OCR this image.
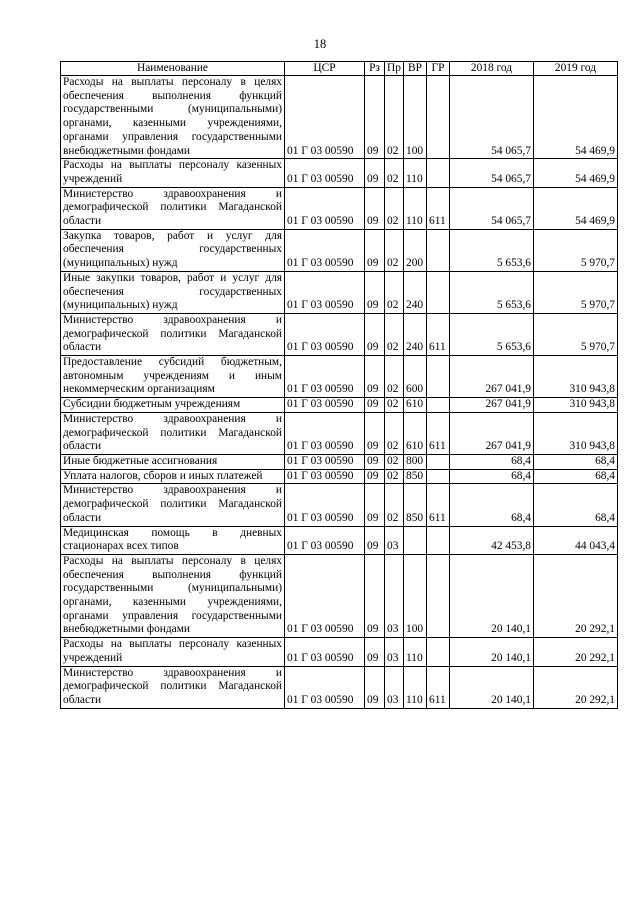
18
Наименование	ЦСР	Рз	Пр	ВР	ГР	2018 год	2019 год
Расходы на выплаты персоналу в целях обеспечения выполнения функций государственными (муниципальными) органами, казенными учреждениями, органами управления государственными внебюджетными фондами	01 Г 03 00590	09	02	100		54 065,7	54 469,9
Расходы на выплаты персоналу казенных учреждений	01 Г 03 00590	09	02	110		54 065,7	54 469,9
Министерство здравоохранения и демографической политики Магаданской области	01 Г 03 00590	09	02	110	611	54 065,7	54 469,9
Закупка товаров, работ и услуг для обеспечения государственных (муниципальных) нужд	01 Г 03 00590	09	02	200		5 653,6	5 970,7
Иные закупки товаров, работ и услуг для обеспечения государственных (муниципальных) нужд	01 Г 03 00590	09	02	240		5 653,6	5 970,7
Министерство здравоохранения и демографической политики Магаданской области	01 Г 03 00590	09	02	240	611	5 653,6	5 970,7
Предоставление субсидий бюджетным, автономным учреждениям и иным некоммерческим организациям	01 Г 03 00590	09	02	600		267 041,9	310 943,8
Субсидии бюджетным учреждениям	01 Г 03 00590	09	02	610		267 041,9	310 943,8
Министерство здравоохранения и демографической политики Магаданской области	01 Г 03 00590	09	02	610	611	267 041,9	310 943,8
Иные бюджетные ассигнования	01 Г 03 00590	09	02	800		68,4	68,4
Уплата налогов, сборов и иных платежей	01 Г 03 00590	09	02	850		68,4	68,4
Министерство здравоохранения и демографической политики Магаданской области	01 Г 03 00590	09	02	850	611	68,4	68,4
Медицинская помощь в дневных стационарах всех типов	01 Г 03 00590	09	03			42 453,8	44 043,4
Расходы на выплаты персоналу в целях обеспечения выполнения функций государственными (муниципальными) органами, казенными учреждениями, органами управления государственными внебюджетными фондами	01 Г 03 00590	09	03	100		20 140,1	20 292,1
Расходы на выплаты персоналу казенных учреждений	01 Г 03 00590	09	03	110		20 140,1	20 292,1
Министерство здравоохранения и демографической политики Магаданской области	01 Г 03 00590	09	03	110	611	20 140,1	20 292,1
